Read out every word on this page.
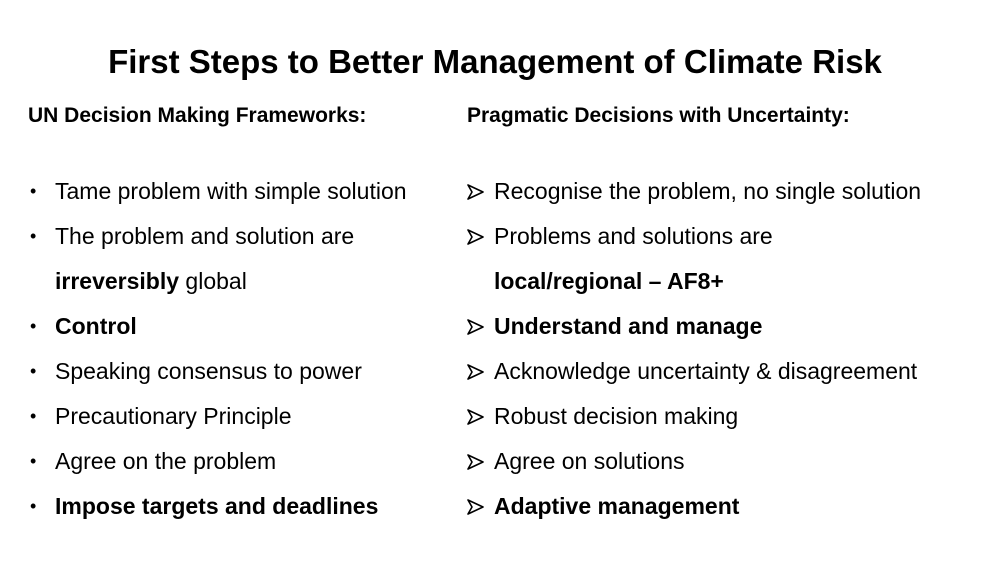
First Steps to Better Management of Climate Risk
UN Decision Making Frameworks:	Pragmatic Decisions with Uncertainty:
• Tame problem with simple solution
• The problem and solution are
irreversibly global
• Control
• Speaking consensus to power
• Precautionary Principle
• Agree on the problem
• Impose targets and deadlines
Recognise the problem, no single solution
Problems and solutions are
local/regional – AF8+
Understand and manage
Acknowledge uncertainty & disagreement
Robust decision making
Agree on solutions
Adaptive management
